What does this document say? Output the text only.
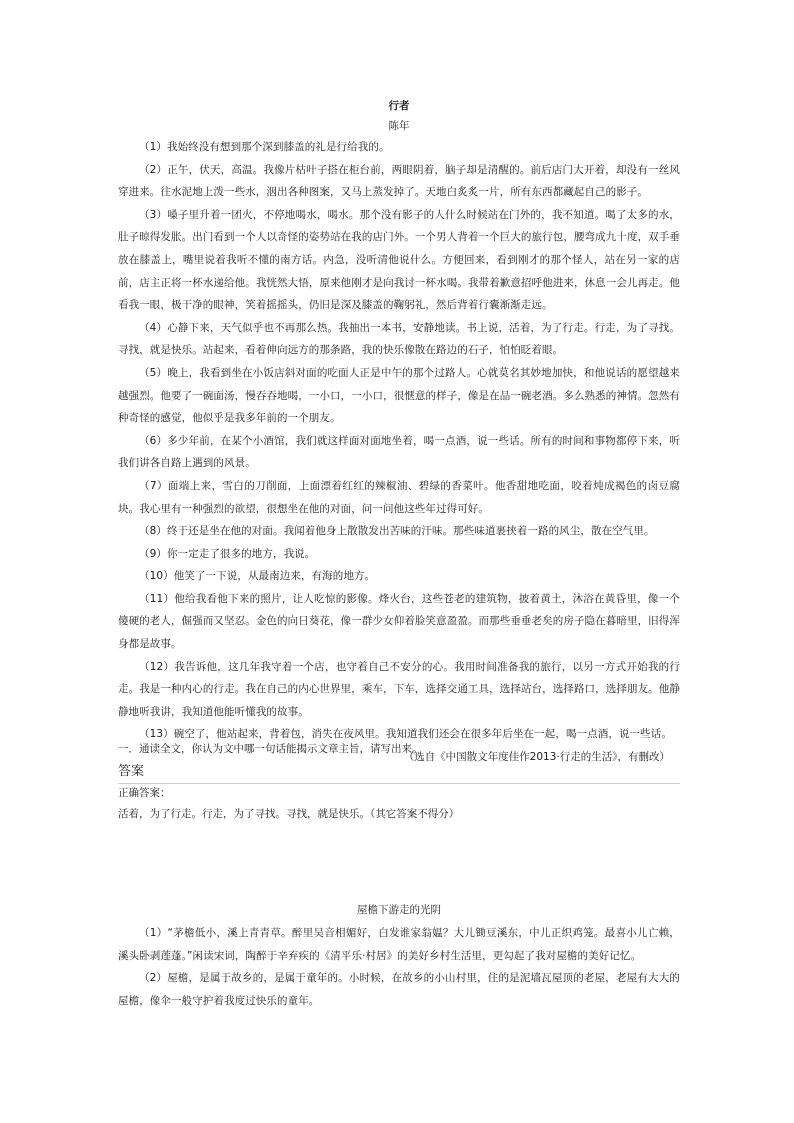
行者
陈年

（1）我始终没有想到那个深到膝盖的礼是行给我的。

（2）正午，伏天，高温。我像片枯叶子搭在柜台前，两眼阴着，脑子却是清醒的。前后店门大开着，却没有一丝风穿进来。往水泥地上泼一些水，洇出各种图案，又马上蒸发掉了。天地白炙炙一片，所有东西都藏起自己的影子。

（3）嗓子里升着一团火，不停地喝水，喝水。那个没有影子的人什么时候站在门外的，我不知道。喝了太多的水，肚子晾得发胀。出门看到一个人以奇怪的姿势站在我的店门外。一个男人背着一个巨大的旅行包，腰弯成九十度，双手垂放在膝盖上，嘴里说着我听不懂的南方话。内急，没听清他说什么。方便回来，看到刚才的那个怪人，站在另一家的店前，店主正将一杯水递给他。我恍然大悟，原来他刚才是向我讨一杯水喝。我带着歉意招呼他进来，休息一会儿再走。他看我一眼，极干净的眼神，笑着摇摇头，仍旧是深及膝盖的鞠躬礼，然后背着行囊渐渐走远。

（4）心静下来，天气似乎也不再那么热。我抽出一本书，安静地读。书上说，活着，为了行走。行走，为了寻找。寻找，就是快乐。站起来，看着伸向远方的那条路，我的快乐像散在路边的石子，怕怕眨着眼。

（5）晚上，我看到坐在小饭店斜对面的吃面人正是中午的那个过路人。心就莫名其妙地加快，和他说话的愿望越来越强烈。他要了一碗面汤，慢吞吞地喝，一小口，一小口，很惬意的样子，像是在品一碗老酒。多么熟悉的神情。忽然有种奇怪的感觉，他似乎是我多年前的一个朋友。

（6）多少年前，在某个小酒馆，我们就这样面对面地坐着，喝一点酒，说一些话。所有的时间和事物都停下来，听我们讲各自路上遇到的风景。

（7）面端上来，雪白的刀削面，上面漂着红红的辣椒油、碧绿的香菜叶。他香甜地吃面，咬着炖成褐色的卤豆腐块。我心里有一种强烈的欲望，很想坐在他的对面，问一问他这些年过得可好。

（8）终于还是坐在他的对面。我闻着他身上散散发出苦味的汗味。那些味道裹挟着一路的风尘，散在空气里。

（9）你一定走了很多的地方，我说。

（10）他笑了一下说，从最南边来，有海的地方。

（11）他给我看他下来的照片，让人吃惊的影像。烽火台，这些苍老的建筑物，披着黄土，沐浴在黄昏里，像一个傻硬的老人，倔强而又坚忍。金色的向日葵花，像一群少女仰着脸笑意盈盈。而那些垂垂老矣的房子隐在暮暗里，旧得浑身都是故事。

（12）我告诉他，这几年我守着一个店，也守着自己不安分的心。我用时间准备我的旅行，以另一方式开始我的行走。我是一种内心的行走。我在自己的内心世界里，乘车，下车，选择交通工具，选择站台，选择路口，选择朋友。他静静地听我讲，我知道他能听懂我的故事。

（13）碗空了，他站起来，背着包，消失在夜风里。我知道我们还会在很多年后坐在一起，喝一点酒，说一些话。

（选自《中国散文年度佳作2013·行走的生活》，有删改）

一．通读全文，你认为文中哪一句话能揭示文章主旨，请写出来。
答案
正确答案：
活着，为了行走。行走，为了寻找。寻找，就是快乐。（其它答案不得分）
屋檐下游走的光阴

（1）“茅檐低小，溪上青青草。醉里吴音相媚好，白发谁家翁媪？大儿锄豆溪东，中儿正织鸡笼。最喜小儿亡赖，溪头卧剥莲蓬。”闲读宋词，陶醉于辛弃疾的《清平乐·村居》的美好乡村生活里，更勾起了我对屋檐的美好记忆。

（2）屋檐，是属于故乡的，是属于童年的。小时候，在故乡的小山村里，住的是泥墙瓦屋顶的老屋，老屋有大大的屋檐，像伞一般守护着我度过快乐的童年。
